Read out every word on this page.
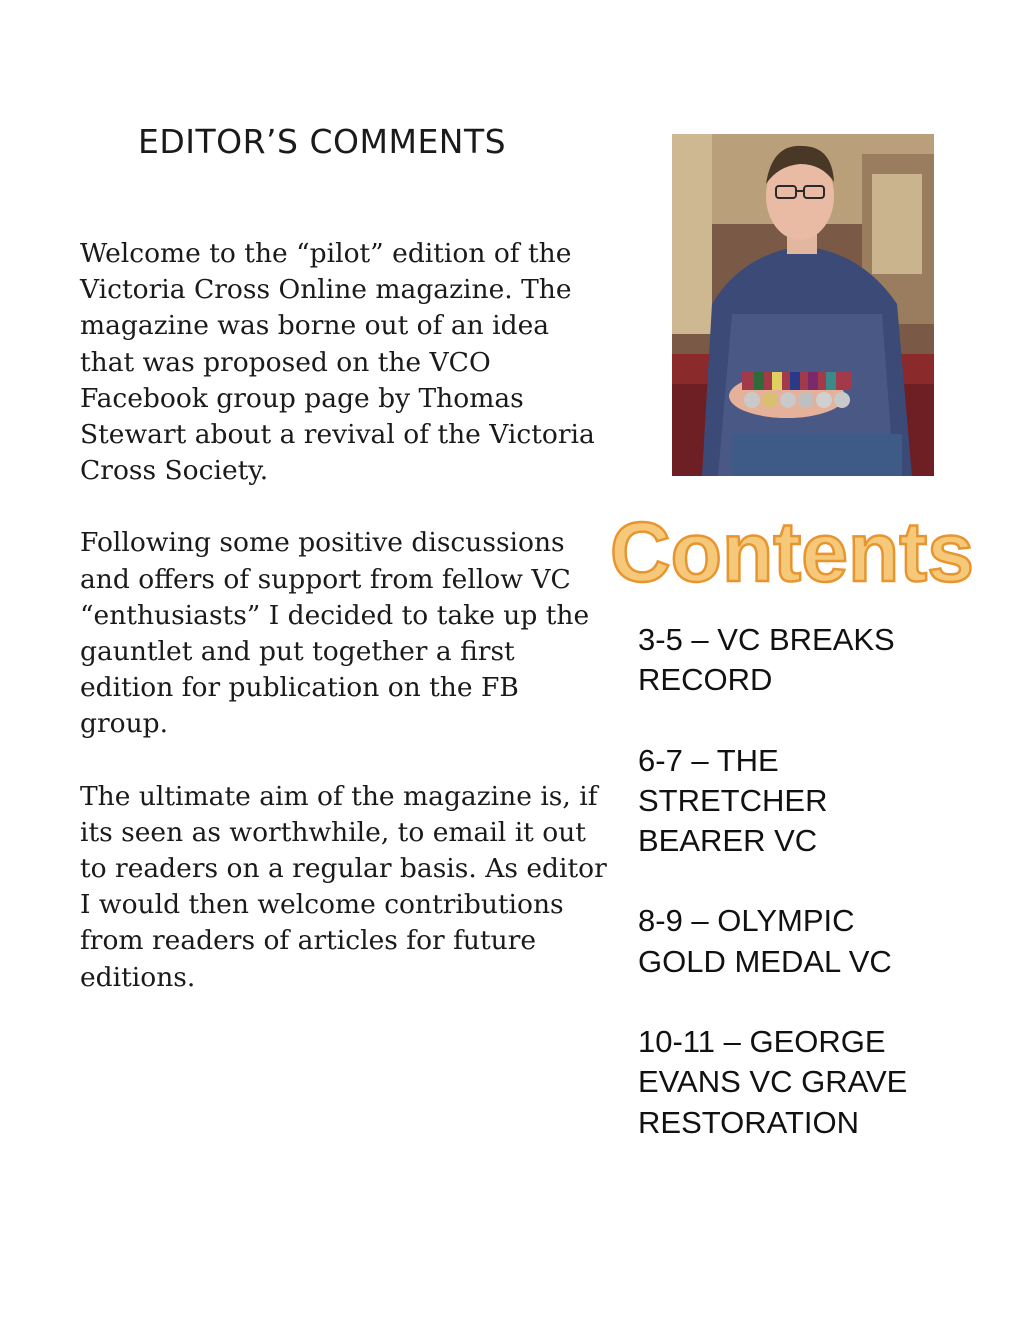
EDITOR’S COMMENTS

Welcome to the “pilot” edition of the Victoria Cross Online magazine. The magazine was borne out of an idea that was proposed on the VCO Facebook group page by Thomas Stewart about a revival of the Victoria Cross Society.

Following some positive discussions and offers of support from fellow VC “enthusiasts” I decided to take up the gauntlet and put together a first edition for publication on the FB group.

The ultimate aim of the magazine is, if its seen as worthwhile, to email it out to readers on a regular basis. As editor I would then welcome contributions from readers of articles for future editions.

Contents
3-5 – VC BREAKS
RECORD
6-7 – THE
STRETCHER
BEARER VC
8-9 – OLYMPIC
GOLD MEDAL VC
10-11 – GEORGE
EVANS VC GRAVE
RESTORATION
